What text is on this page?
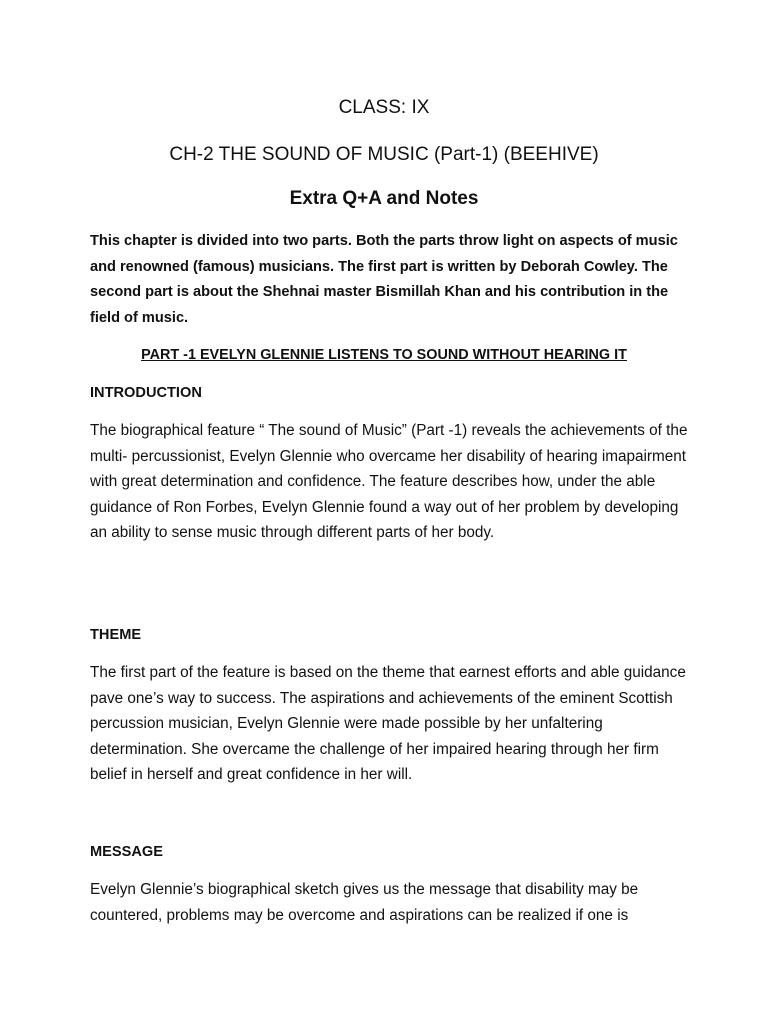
CLASS: IX
CH-2 THE SOUND OF MUSIC (Part-1) (BEEHIVE)
Extra Q+A and Notes

This chapter is divided into two parts. Both the parts throw light on aspects of music and renowned (famous) musicians. The first part is written by Deborah Cowley. The second part is about the Shehnai master Bismillah Khan and his contribution in the field of music.

PART -1 EVELYN GLENNIE LISTENS TO SOUND WITHOUT HEARING IT
INTRODUCTION

The biographical feature “ The sound of Music” (Part -1) reveals the achievements of the multi- percussionist, Evelyn Glennie who overcame her disability of hearing imapairment with great determination and confidence. The feature describes how, under the able guidance of Ron Forbes, Evelyn Glennie found a way out of her problem by developing an ability to sense music through different parts of her body.

THEME

The first part of the feature is based on the theme that earnest efforts and able guidance pave one’s way to success. The aspirations and achievements of the eminent Scottish percussion musician, Evelyn Glennie were made possible by her unfaltering determination. She overcame the challenge of her impaired hearing through her firm belief in herself and great confidence in her will.

MESSAGE

Evelyn Glennie’s biographical sketch gives us the message that disability may be countered, problems may be overcome and aspirations can be realized if one is
